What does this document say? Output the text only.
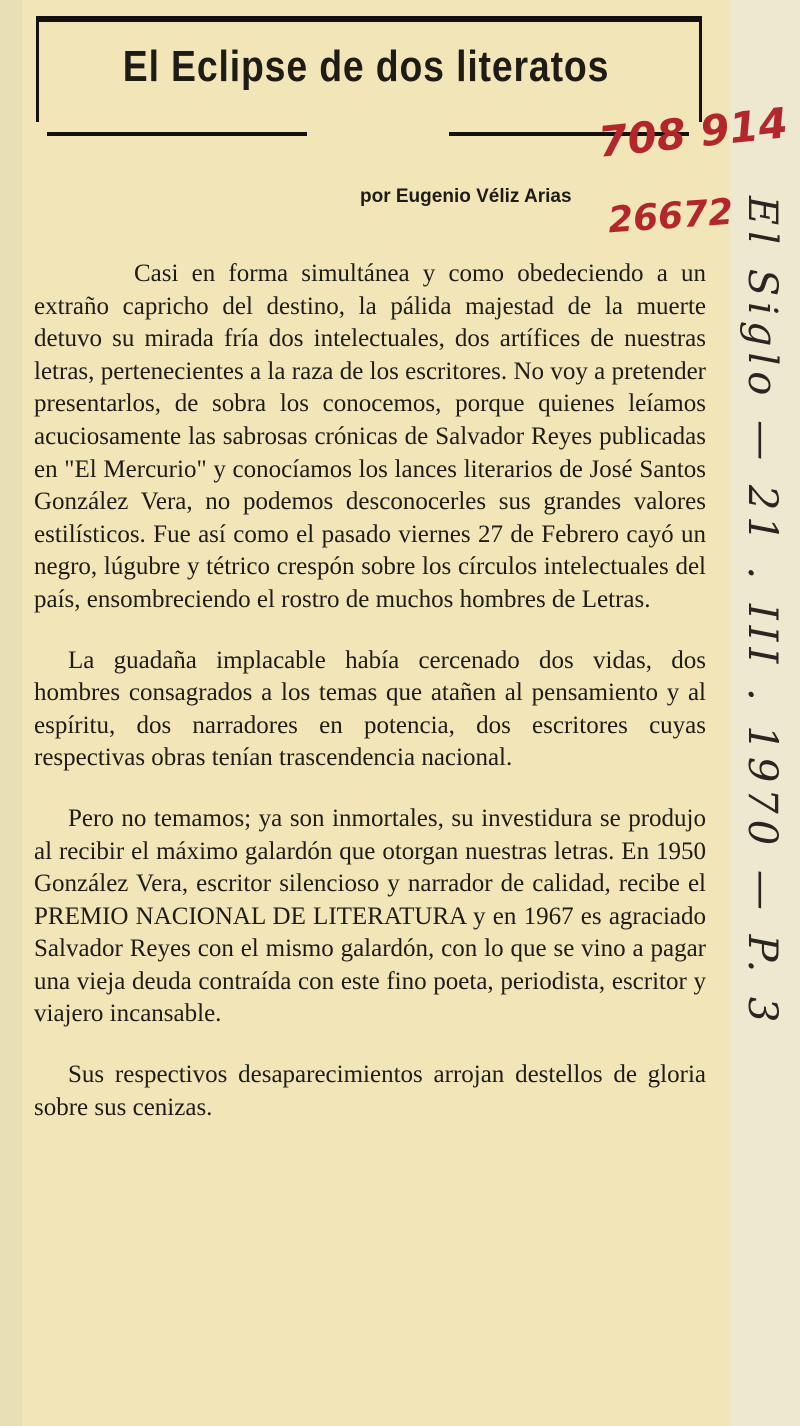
El Eclipse de dos literatos
708 914
por Eugenio Véliz Arias 26672 El Siglo — 21 . III . 1970 — P. 3

Casi en forma simultánea y como obedeciendo a un extraño capricho del destino, la pálida majestad de la muerte detuvo su mirada fría dos intelectuales, dos artífices de nuestras letras, pertenecientes a la raza de los escritores. No voy a pretender presentarlos, de sobra los conocemos, porque quienes leíamos acuciosamente las sabrosas crónicas de Salvador Reyes publicadas en "El Mercurio" y conocíamos los lances literarios de José Santos González Vera, no podemos desconocerles sus grandes valores estilísticos. Fue así como el pasado viernes 27 de Febrero cayó un negro, lúgubre y tétrico crespón sobre los círculos intelectuales del país, ensombreciendo el rostro de muchos hombres de Letras.

La guadaña implacable había cercenado dos vidas, dos hombres consagrados a los temas que atañen al pensamiento y al espíritu, dos narradores en potencia, dos escritores cuyas respectivas obras tenían trascendencia nacional.

Pero no temamos; ya son inmortales, su investidura se produjo al recibir el máximo galardón que otorgan nuestras letras. En 1950 González Vera, escritor silencioso y narrador de calidad, recibe el PREMIO NACIONAL DE LITERATURA y en 1967 es agraciado Salvador Reyes con el mismo galardón, con lo que se vino a pagar una vieja deuda contraída con este fino poeta, periodista, escritor y viajero incansable.

Sus respectivos desaparecimientos arrojan destellos de gloria sobre sus cenizas.
